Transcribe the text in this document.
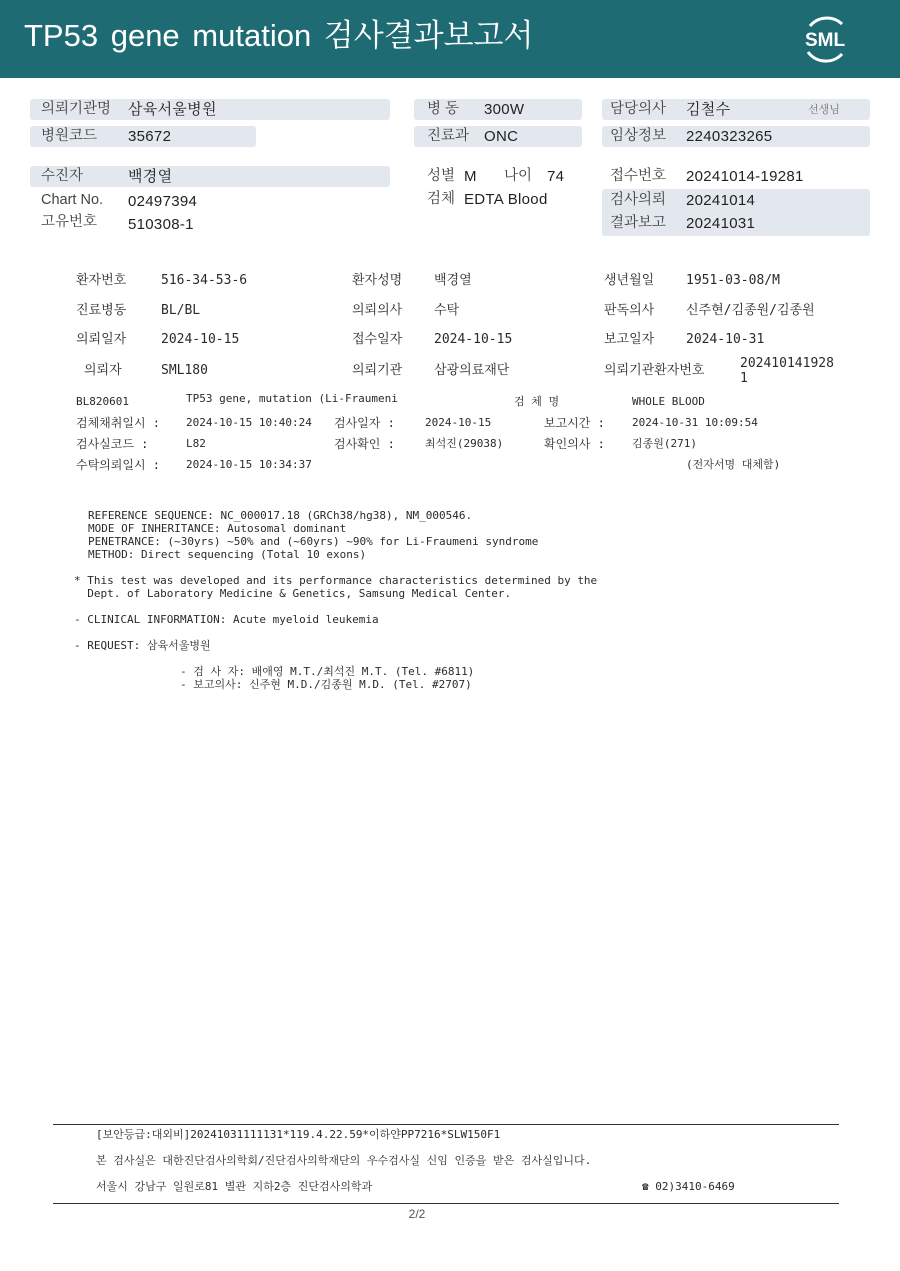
TP53 gene mutation 검사결과보고서	SML
의뢰기관명 삼육서울병원
병원코드 35672
병 동 300W
진료과 ONC
담당의사 김철수	선생님
임상정보 2240323265
수진자	백경열
Chart No. 02497394
고유번호 510308-1
성별 M 나이 74
검체 EDTA Blood
접수번호 20241014-19281
검사의뢰 20241014
결과보고 20241031
환자번호	516-34-53-6	환자성명 백경열	생년월일 1951-03-08/M
진료병동	BL/BL	의뢰의사 수탁	판독의사 신주현/김종원/김종원
의뢰일자	2024-10-15	접수일자 2024-10-15	보고일자 2024-10-31
의뢰자	SML180	의뢰기관 삼광의료재단	의뢰기관환자번호	202410141928
1
BL820601	TP53 gene, mutation (Li-Fraumeni	검 체 명	WHOLE BLOOD
검체채취일시 : 2024-10-15 10:40:24 검사일자 :	2024-10-15	보고시간 : 2024-10-31 10:09:54
검사실코드 :	L82	검사확인 :	최석진(29038)	확인의사 : 김종원(271)
수탁의뢰일시 : 2024-10-15 10:34:37	(전자서명 대체함)
REFERENCE SEQUENCE: NC_000017.18 (GRCh38/hg38), NM_000546.
MODE OF INHERITANCE: Autosomal dominant
PENETRANCE: (~30yrs) ~50% and (~60yrs) ~90% for Li-Fraumeni syndrome
METHOD: Direct sequencing (Total 10 exons)
* This test was developed and its performance characteristics determined by the
Dept. of Laboratory Medicine & Genetics, Samsung Medical Center.
- CLINICAL INFORMATION: Acute myeloid leukemia
- REQUEST: 삼육서울병원
- 검 사 자: 배애영 M.T./최석진 M.T. (Tel. #6811)
- 보고의사: 신주현 M.D./김종원 M.D. (Tel. #2707)
[보안등급:대외비]20241031111131*119.4.22.59*이하얀PP7216*SLW150F1
본 검사실은 대한진단검사의학회/진단검사의학재단의 우수검사실 신임 인증을 받은 검사실입니다.
서울시 강남구 일원로81 별관 지하2층 진단검사의학과	☎ 02)3410-6469
2/2
